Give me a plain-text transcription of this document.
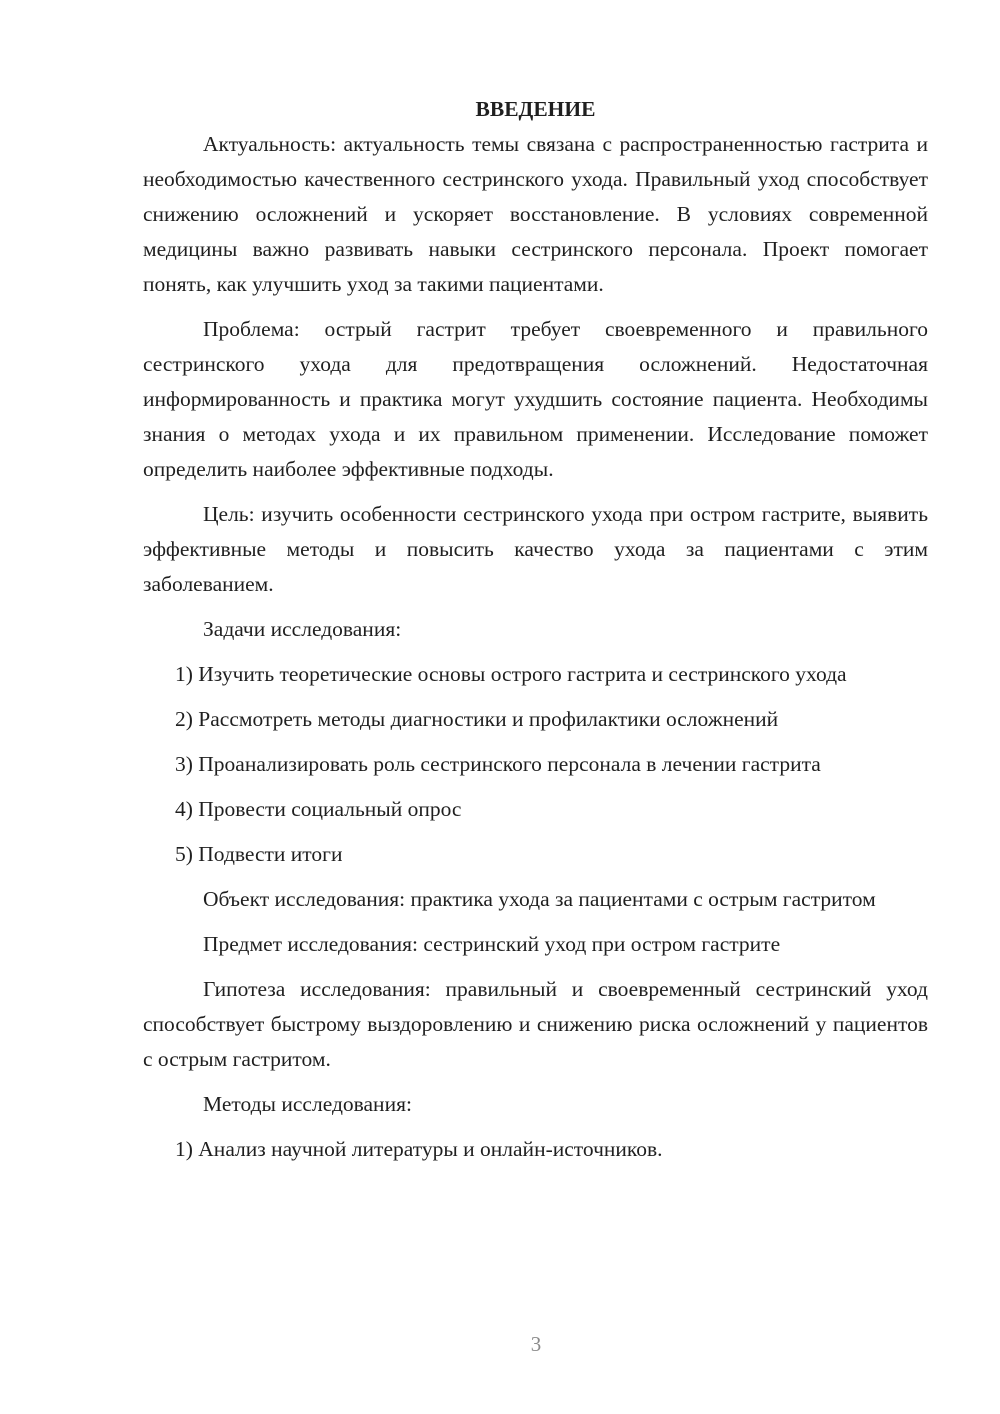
ВВЕДЕНИЕ

Актуальность: актуальность темы связана с распространенностью гастрита и необходимостью качественного сестринского ухода. Правильный уход способствует снижению осложнений и ускоряет восстановление. В условиях современной медицины важно развивать навыки сестринского персонала. Проект помогает понять, как улучшить уход за такими пациентами.

Проблема: острый гастрит требует своевременного и правильного сестринского ухода для предотвращения осложнений. Недостаточная информированность и практика могут ухудшить состояние пациента. Необходимы знания о методах ухода и их правильном применении. Исследование поможет определить наиболее эффективные подходы.

Цель: изучить особенности сестринского ухода при остром гастрите, выявить эффективные методы и повысить качество ухода за пациентами с этим заболеванием.

Задачи исследования:

1) Изучить теоретические основы острого гастрита и сестринского ухода

2) Рассмотреть методы диагностики и профилактики осложнений

3) Проанализировать роль сестринского персонала в лечении гастрита

4) Провести социальный опрос

5) Подвести итоги

Объект исследования: практика ухода за пациентами с острым гастритом

Предмет исследования: сестринский уход при остром гастрите

Гипотеза исследования: правильный и своевременный сестринский уход способствует быстрому выздоровлению и снижению риска осложнений у пациентов с острым гастритом.

Методы исследования:

1) Анализ научной литературы и онлайн-источников.

3
